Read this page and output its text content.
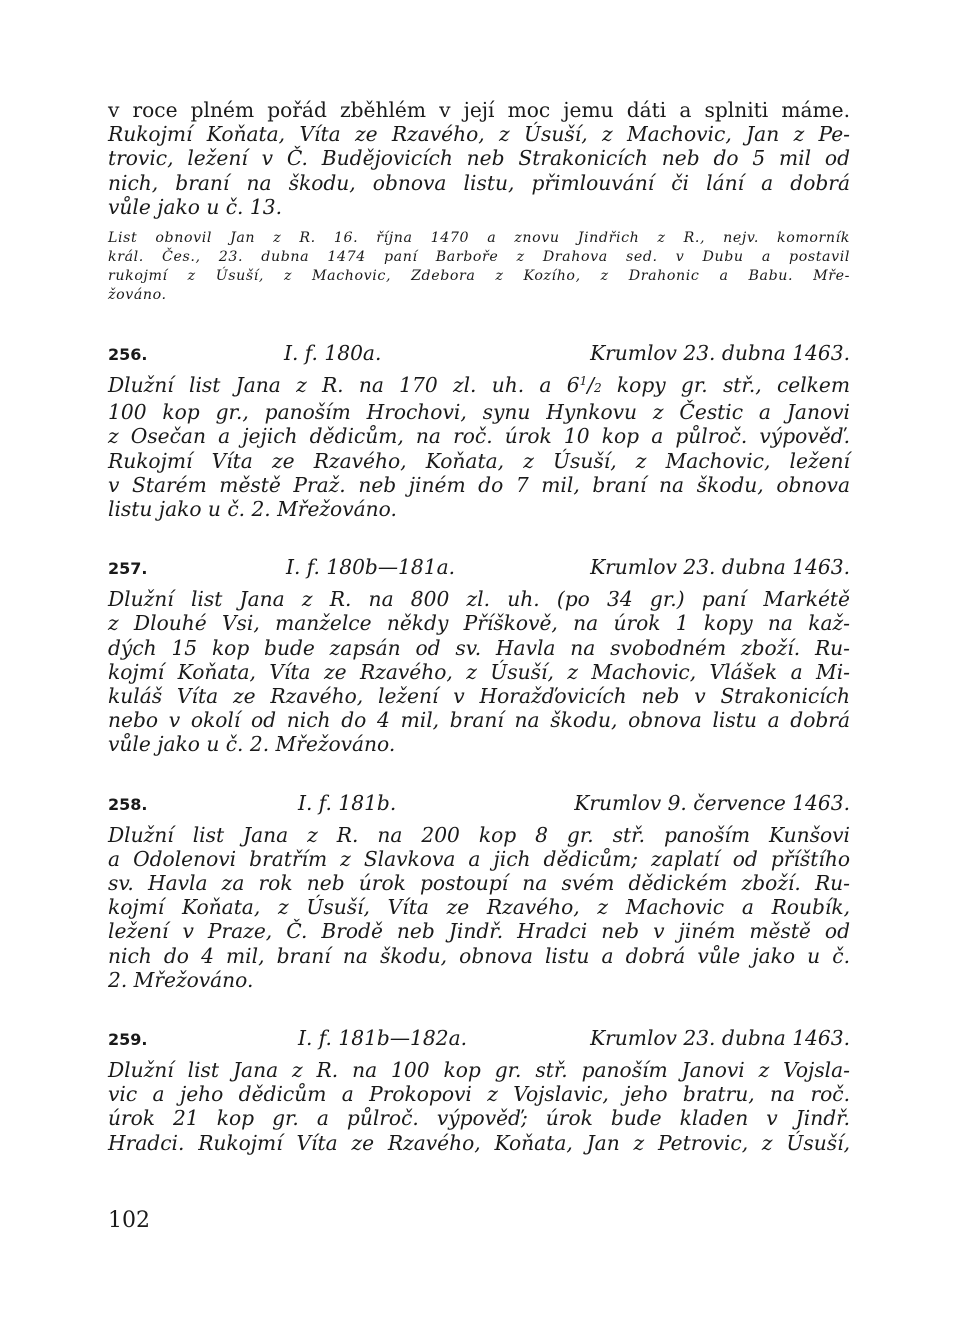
v roce plném pořád zběhlém v její moc jemu dáti a splniti máme.
Rukojmí Koňata, Víta ze Rzavého, z Úsuší, z Machovic, Jan z Pe-
trovic, ležení v Č. Budějovicích neb Strakonicích neb do 5 mil od
nich, braní na škodu, obnova listu, přimlouvání či lání a dobrá
vůle jako u č. 13.
List obnovil Jan z R. 16. října 1470 a znovu Jindřich z R., nejv. komorník
král. Čes., 23. dubna 1474 paní Barboře z Drahova sed. v Dubu a postavil
rukojmí z Úsuší, z Machovic, Zdebora z Kozího, z Drahonic a Babu. Mře-
žováno.
256.	I. f. 180a.	Krumlov 23. dubna 1463.
Dlužní list Jana z R. na 170 zl. uh. a $6^1/2$ kopy gr. stř., celkem
100 kop gr., panoším Hrochovi, synu Hynkovu z Čestic a Janovi
z Osečan a jejich dědicům, na roč. úrok 10 kop a půlroč. výpověď.
Rukojmí Víta ze Rzavého, Koňata, z Úsuší, z Machovic, ležení
v Starém městě Praž. neb jiném do 7 mil, braní na škodu, obnova
listu jako u č. 2. Mřežováno.
257.	I. f. 180b—181a.	Krumlov 23. dubna 1463.
Dlužní list Jana z R. na 800 zl. uh. (po 34 gr.) paní Markétě
z Dlouhé Vsi, manželce někdy Příškově, na úrok 1 kopy na kaž-
dých 15 kop bude zapsán od sv. Havla na svobodném zboží. Ru-
kojmí Koňata, Víta ze Rzavého, z Úsuší, z Machovic, Vlášek a Mi-
kuláš Víta ze Rzavého, ležení v Horažďovicích neb v Strakonicích
nebo v okolí od nich do 4 mil, braní na škodu, obnova listu a dobrá
vůle jako u č. 2. Mřežováno.
258.	I. f. 181b.	Krumlov 9. července 1463.
Dlužní list Jana z R. na 200 kop 8 gr. stř. panoším Kunšovi
a Odolenovi bratřím z Slavkova a jich dědicům; zaplatí od příštího
sv. Havla za rok neb úrok postoupí na svém dědickém zboží. Ru-
kojmí Koňata, z Úsuší, Víta ze Rzavého, z Machovic a Roubík,
ležení v Praze, Č. Brodě neb Jindř. Hradci neb v jiném městě od
nich do 4 mil, braní na škodu, obnova listu a dobrá vůle jako u č.
2. Mřežováno.
259.	I. f. 181b—182a.	Krumlov 23. dubna 1463.
Dlužní list Jana z R. na 100 kop gr. stř. panoším Janovi z Vojsla-
vic a jeho dědicům a Prokopovi z Vojslavic, jeho bratru, na roč.
úrok 21 kop gr. a půlroč. výpověď; úrok bude kladen v Jindř.
Hradci. Rukojmí Víta ze Rzavého, Koňata, Jan z Petrovic, z Úsuší,
102
